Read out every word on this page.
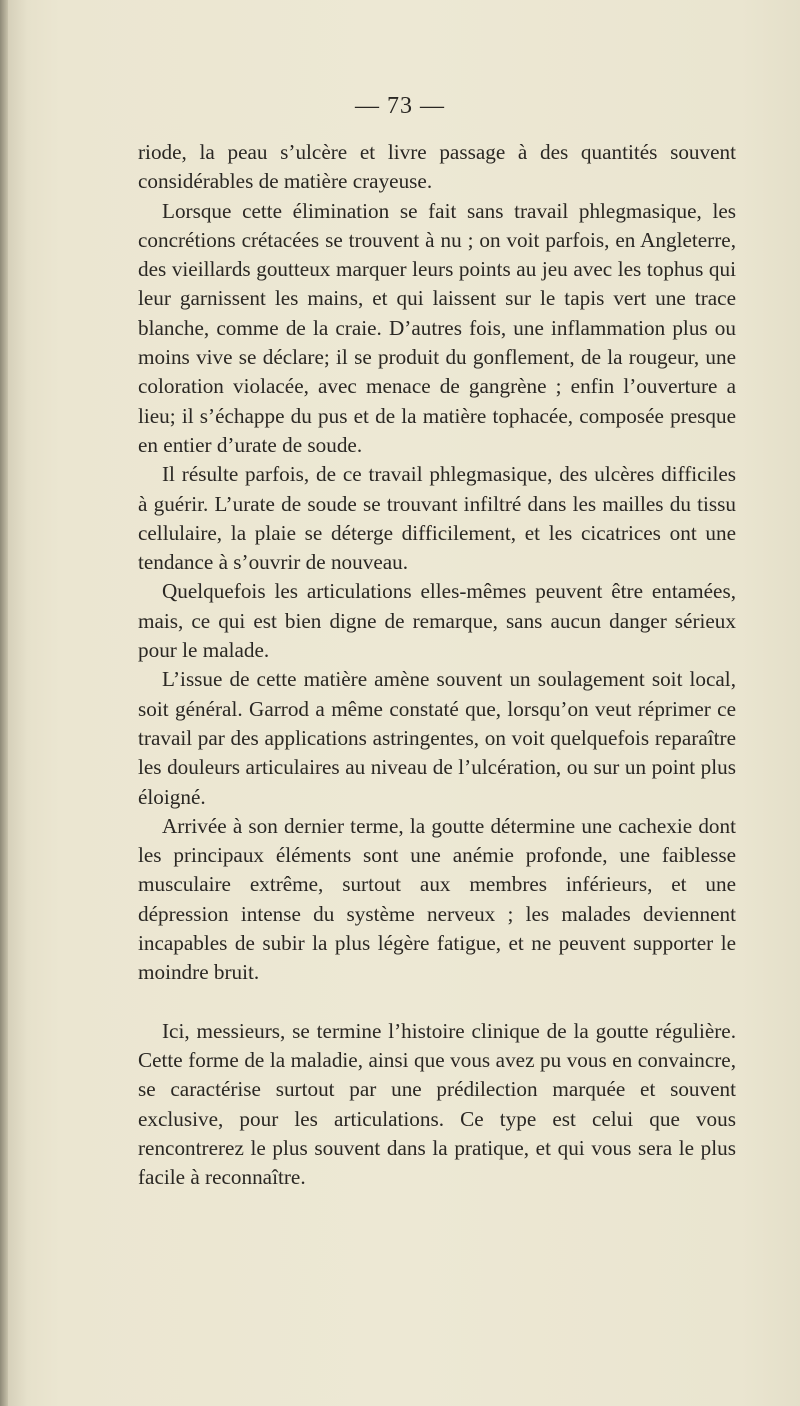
— 73 —

riode, la peau s’ulcère et livre passage à des quantités souvent considérables de matière crayeuse.

Lorsque cette élimination se fait sans travail phlegmasique, les concrétions crétacées se trouvent à nu ; on voit parfois, en Angleterre, des vieillards goutteux marquer leurs points au jeu avec les tophus qui leur garnissent les mains, et qui laissent sur le tapis vert une trace blanche, comme de la craie. D’autres fois, une inflammation plus ou moins vive se déclare; il se produit du gonflement, de la rougeur, une coloration violacée, avec menace de gangrène ; enfin l’ouverture a lieu; il s’échappe du pus et de la matière tophacée, composée presque en entier d’urate de soude.

Il résulte parfois, de ce travail phlegmasique, des ulcères difficiles à guérir. L’urate de soude se trouvant infiltré dans les mailles du tissu cellulaire, la plaie se déterge difficilement, et les cicatrices ont une tendance à s’ouvrir de nouveau.

Quelquefois les articulations elles-mêmes peuvent être entamées, mais, ce qui est bien digne de remarque, sans aucun danger sérieux pour le malade.

L’issue de cette matière amène souvent un soulagement soit local, soit général. Garrod a même constaté que, lorsqu’on veut réprimer ce travail par des applications astringentes, on voit quelquefois reparaître les douleurs articulaires au niveau de l’ulcération, ou sur un point plus éloigné.

Arrivée à son dernier terme, la goutte détermine une cachexie dont les principaux éléments sont une anémie profonde, une faiblesse musculaire extrême, surtout aux membres inférieurs, et une dépression intense du système nerveux ; les malades deviennent incapables de subir la plus légère fatigue, et ne peuvent supporter le moindre bruit.

Ici, messieurs, se termine l’histoire clinique de la goutte régulière. Cette forme de la maladie, ainsi que vous avez pu vous en convaincre, se caractérise surtout par une prédilection marquée et souvent exclusive, pour les articulations. Ce type est celui que vous rencontrerez le plus souvent dans la pratique, et qui vous sera le plus facile à reconnaître.
